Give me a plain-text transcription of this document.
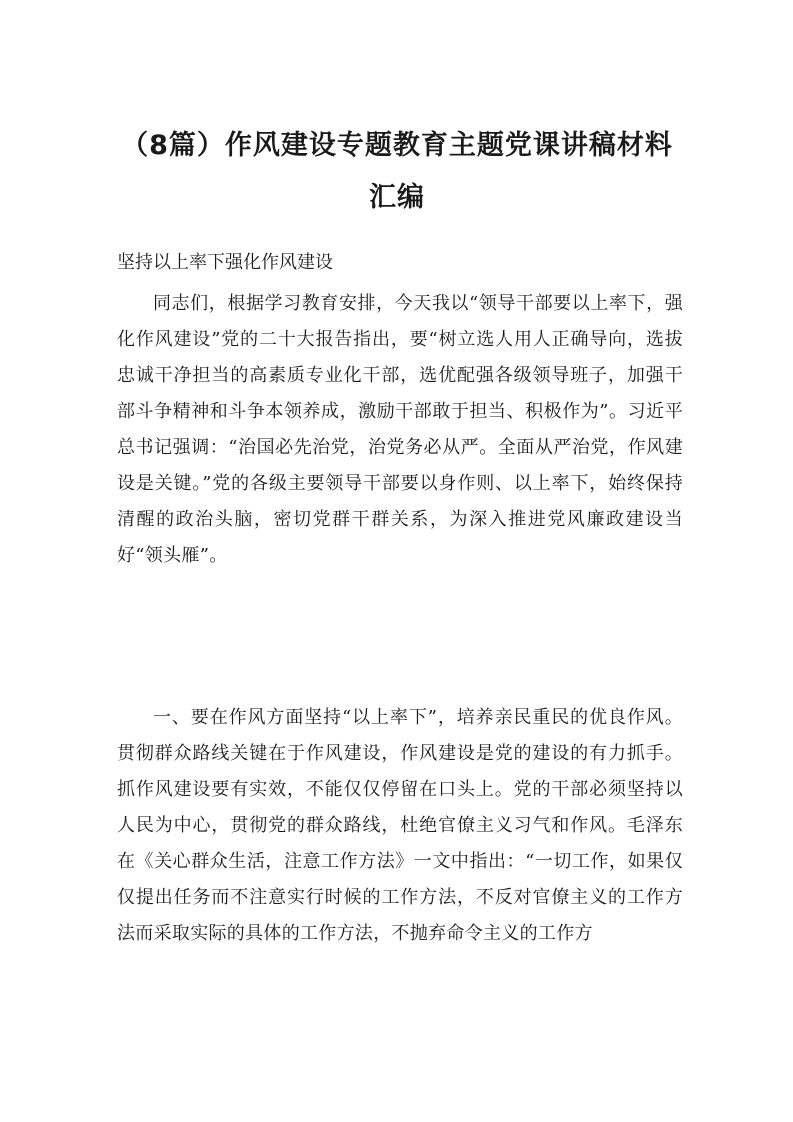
（8篇）作风建设专题教育主题党课讲稿材料汇编

坚持以上率下强化作风建设

同志们，根据学习教育安排，今天我以“领导干部要以上率下，强化作风建设”党的二十大报告指出，要“树立选人用人正确导向，选拔忠诚干净担当的高素质专业化干部，选优配强各级领导班子，加强干部斗争精神和斗争本领养成，激励干部敢于担当、积极作为”。习近平总书记强调：“治国必先治党，治党务必从严。全面从严治党，作风建设是关键。”党的各级主要领导干部要以身作则、以上率下，始终保持清醒的政治头脑，密切党群干群关系，为深入推进党风廉政建设当好“领头雁”。

一、要在作风方面坚持“以上率下”，培养亲民重民的优良作风。贯彻群众路线关键在于作风建设，作风建设是党的建设的有力抓手。抓作风建设要有实效，不能仅仅停留在口头上。党的干部必须坚持以人民为中心，贯彻党的群众路线，杜绝官僚主义习气和作风。毛泽东在《关心群众生活，注意工作方法》一文中指出：“一切工作，如果仅仅提出任务而不注意实行时候的工作方法，不反对官僚主义的工作方法而采取实际的具体的工作方法，不抛弃命令主义的工作方
